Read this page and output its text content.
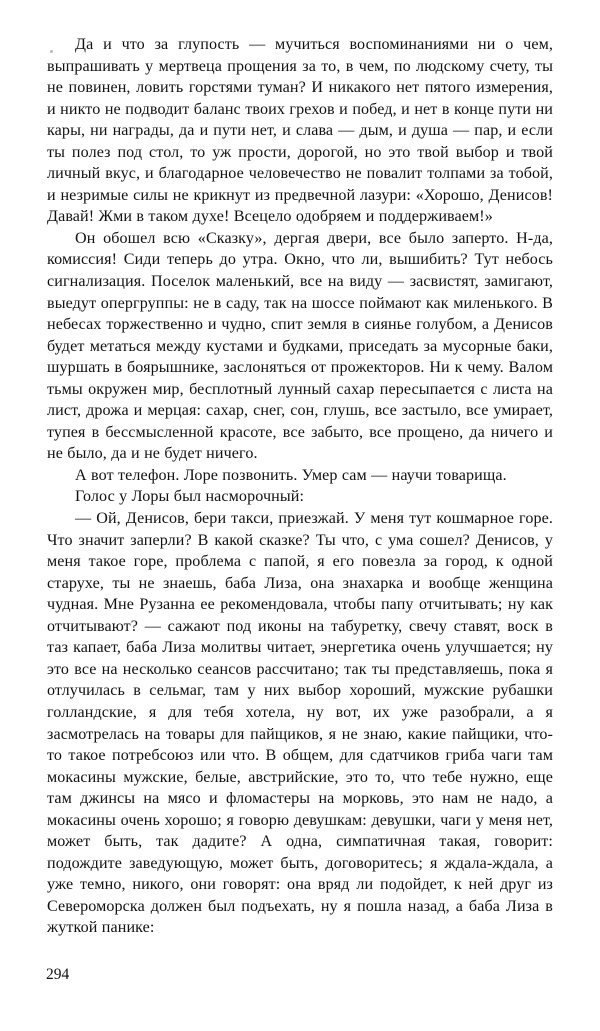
Да и что за глупость — мучиться воспоминаниями ни о чем, выпрашивать у мертвеца прощения за то, в чем, по людскому счету, ты не повинен, ловить горстями туман? И никакого нет пятого измерения, и никто не подводит баланс твоих грехов и побед, и нет в конце пути ни кары, ни награды, да и пути нет, и слава — дым, и душа — пар, и если ты полез под стол, то уж прости, дорогой, но это твой выбор и твой личный вкус, и благодарное человечество не повалит толпами за тобой, и незримые силы не крикнут из предвечной лазури: «Хорошо, Денисов! Давай! Жми в таком духе! Всецело одобряем и поддерживаем!»

Он обошел всю «Сказку», дергая двери, все было заперто. Н-да, комиссия! Сиди теперь до утра. Окно, что ли, вышибить? Тут небось сигнализация. Поселок маленький, все на виду — засвистят, замигают, выедут опергруппы: не в саду, так на шоссе поймают как миленького. В небесах торжественно и чудно, спит земля в сиянье голубом, а Денисов будет метаться между кустами и будками, приседать за мусорные баки, шуршать в боярышнике, заслоняться от прожекторов. Ни к чему. Валом тьмы окружен мир, бесплотный лунный сахар пересыпается с листа на лист, дрожа и мерцая: сахар, снег, сон, глушь, все застыло, все умирает, тупея в бессмысленной красоте, все забыто, все прощено, да ничего и не было, да и не будет ничего.

А вот телефон. Лоре позвонить. Умер сам — научи товарища.

Голос у Лоры был насморочный:

— Ой, Денисов, бери такси, приезжай. У меня тут кошмарное горе. Что значит заперли? В какой сказке? Ты что, с ума сошел? Денисов, у меня такое горе, проблема с папой, я его повезла за город, к одной старухе, ты не знаешь, баба Лиза, она знахарка и вообще женщина чудная. Мне Рузанна ее рекомендовала, чтобы папу отчитывать; ну как отчитывают? — сажают под иконы на табуретку, свечу ставят, воск в таз капает, баба Лиза молитвы читает, энергетика очень улучшается; ну это все на несколько сеансов рассчитано; так ты представляешь, пока я отлучилась в сельмаг, там у них выбор хороший, мужские рубашки голландские, я для тебя хотела, ну вот, их уже разобрали, а я засмотрелась на товары для пайщиков, я не знаю, какие пайщики, что-то такое потребсоюз или что. В общем, для сдатчиков гриба чаги там мокасины мужские, белые, австрийские, это то, что тебе нужно, еще там джинсы на мясо и фломастеры на морковь, это нам не надо, а мокасины очень хорошо; я говорю девушкам: девушки, чаги у меня нет, может быть, так дадите? А одна, симпатичная такая, говорит: подождите заведующую, может быть, договоритесь; я ждала-ждала, а уже темно, никого, они говорят: она вряд ли подойдет, к ней друг из Североморска должен был подъехать, ну я пошла назад, а баба Лиза в жуткой панике:

294
